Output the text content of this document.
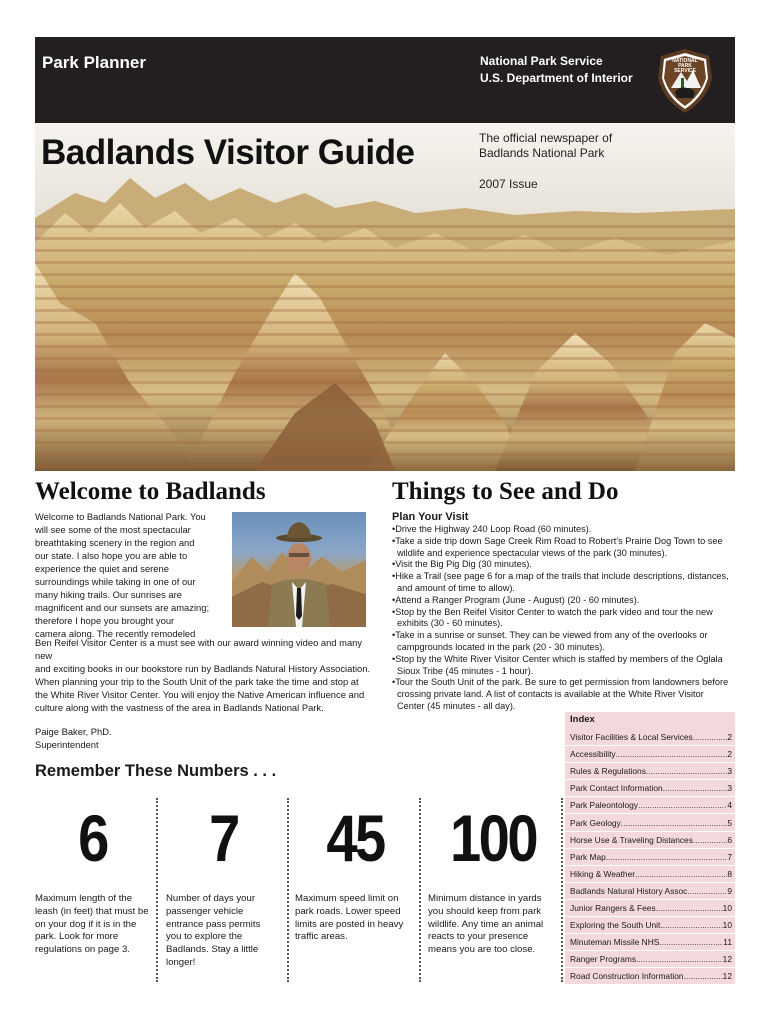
Park Planner	National Park Service
U.S. Department of Interior
NATIONAL
PARK
SERVICE
Badlands Visitor Guide	The official newspaper of
Badlands National Park
2007 Issue
Welcome to Badlands
Welcome to Badlands National Park. You
will see some of the most spectacular
breathtaking scenery in the region and
our state. I also hope you are able to
experience the quiet and serene
surroundings while taking in one of our
many hiking trails. Our sunrises are
magnificent and our sunsets are amazing;
therefore I hope you brought your
camera along. The recently remodeled
Ben Reifel Visitor Center is a must see with our award winning video and many new
and exciting books in our bookstore run by Badlands Natural History Association.
When planning your trip to the South Unit of the park take the time and stop at
the White River Visitor Center. You will enjoy the Native American influence and
culture along with the vastness of the area in Badlands National Park.
Paige Baker, PhD.
Superintendent
Things to See and Do
Plan Your Visit
•Drive the Highway 240 Loop Road (60 minutes).
•Take a side trip down Sage Creek Rim Road to Robert's Prairie Dog Town to see wildlife and experience spectacular views of the park (30 minutes).
•Visit the Big Pig Dig (30 minutes).
•Hike a Trail (see page 6 for a map of the trails that include descriptions, distances, and amount of time to allow).
•Attend a Ranger Program (June - August) (20 - 60 minutes).
•Stop by the Ben Reifel Visitor Center to watch the park video and tour the new exhibits (30 - 60 minutes).
•Take in a sunrise or sunset. They can be viewed from any of the overlooks or campgrounds located in the park (20 - 30 minutes).
•Stop by the White River Visitor Center which is staffed by members of the Oglala Sioux Tribe (45 minutes - 1 hour).
•Tour the South Unit of the park. Be sure to get permission from landowners before crossing private land. A list of contacts is available at the White River Visitor Center (45 minutes - all day).
Remember These Numbers . . .
6
Maximum length of the leash (in feet) that must be on your dog if it is in the park. Look for more regulations on page 3.
7
Number of days your passenger vehicle entrance pass permits you to explore the Badlands. Stay a little longer!
45
Maximum speed limit on park roads. Lower speed limits are posted in heavy traffic areas.
100
Minimum distance in yards you should keep from park wildlife. Any time an animal reacts to your presence means you are too close.
Index
Visitor Facilities & Local Services .....	2
Accessibility .....	2
Rules & Regulations .....	3
Park Contact Information .....	3
Park Paleontology .....	4
Park Geology .....	5
Horse Use & Traveling Distances .....	6
Park Map .....	7
Hiking & Weather .....	8
Badlands Natural History Assoc .....	9
Junior Rangers & Fees .....	10
Exploring the South Unit .....	10
Minuteman Missile NHS .....	11
Ranger Programs .....	12
Road Construction Information .....	12
